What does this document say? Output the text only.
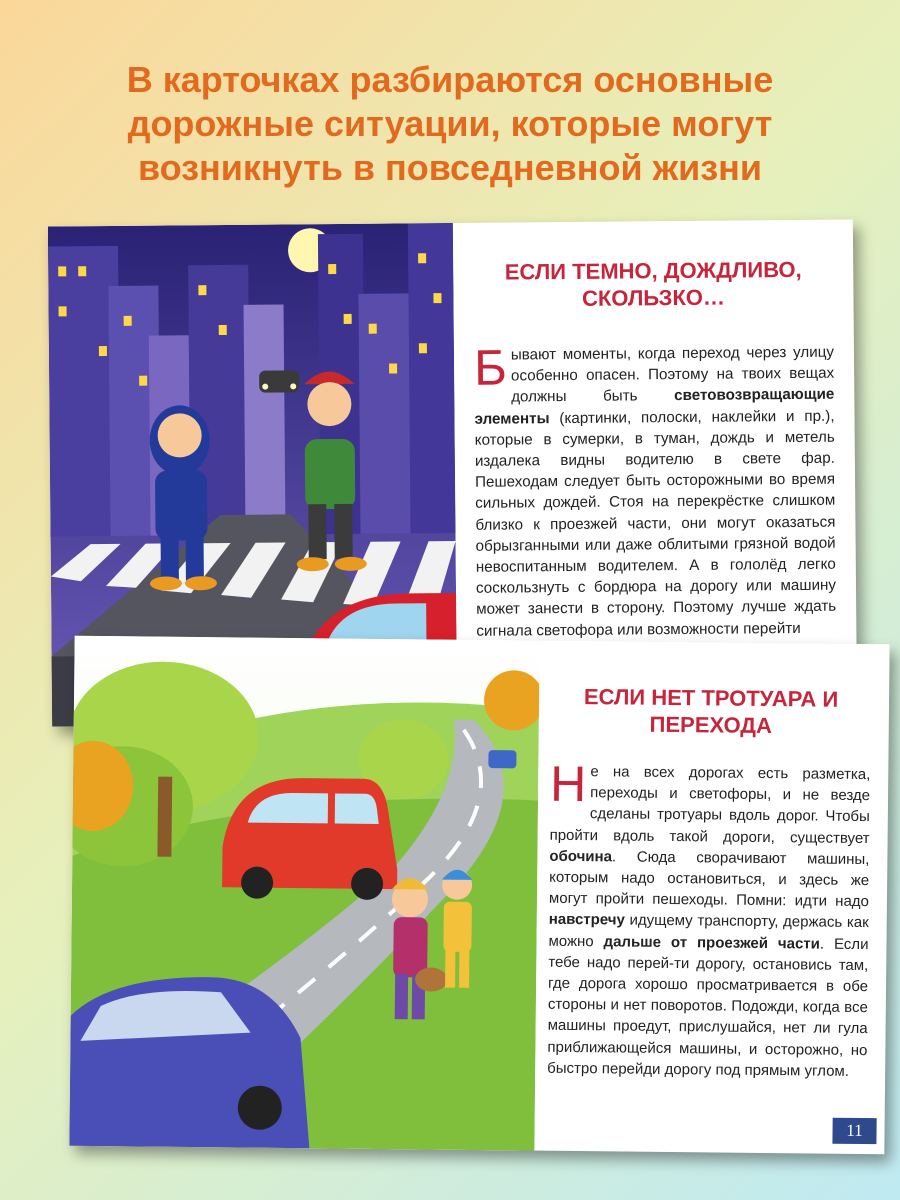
В карточках разбираются основные дорожные ситуации, которые могут возникнуть в повседневной жизни
ЕСЛИ ТЕМНО, ДОЖДЛИВО, СКОЛЬЗКО…

Бывают моменты, когда переход через улицу особенно опасен. Поэтому на твоих вещах должны быть световозвращающие элементы (картинки, полоски, наклейки и пр.), которые в сумерки, в туман, дождь и метель издалека видны водителю в свете фар. Пешеходам следует быть осторожными во время сильных дождей. Стоя на перекрёстке слишком близко к проезжей части, они могут оказаться обрызганными или даже облитыми грязной водой невоспитанным водителем. А в гололёд легко соскользнуть с бордюра на дорогу или машину может занести в сторону. Поэтому лучше ждать сигнала светофора или возможности перейти

ЕСЛИ НЕТ ТРОТУАРА И ПЕРЕХОДА

Не на всех дорогах есть разметка, переходы и светофоры, и не везде сделаны тротуары вдоль дорог. Чтобы пройти вдоль такой дороги, существует обочина. Сюда сворачивают машины, которым надо остановиться, и здесь же могут пройти пешеходы. Помни: идти надо навстречу идущему транспорту, держась как можно дальше от проезжей части. Если тебе надо перей-ти дорогу, остановись там, где дорога хорошо просматривается в обе стороны и нет поворотов. Подожди, когда все машины проедут, прислушайся, нет ли гула приближающейся машины, и осторожно, но быстро перейди дорогу под прямым углом.

11
